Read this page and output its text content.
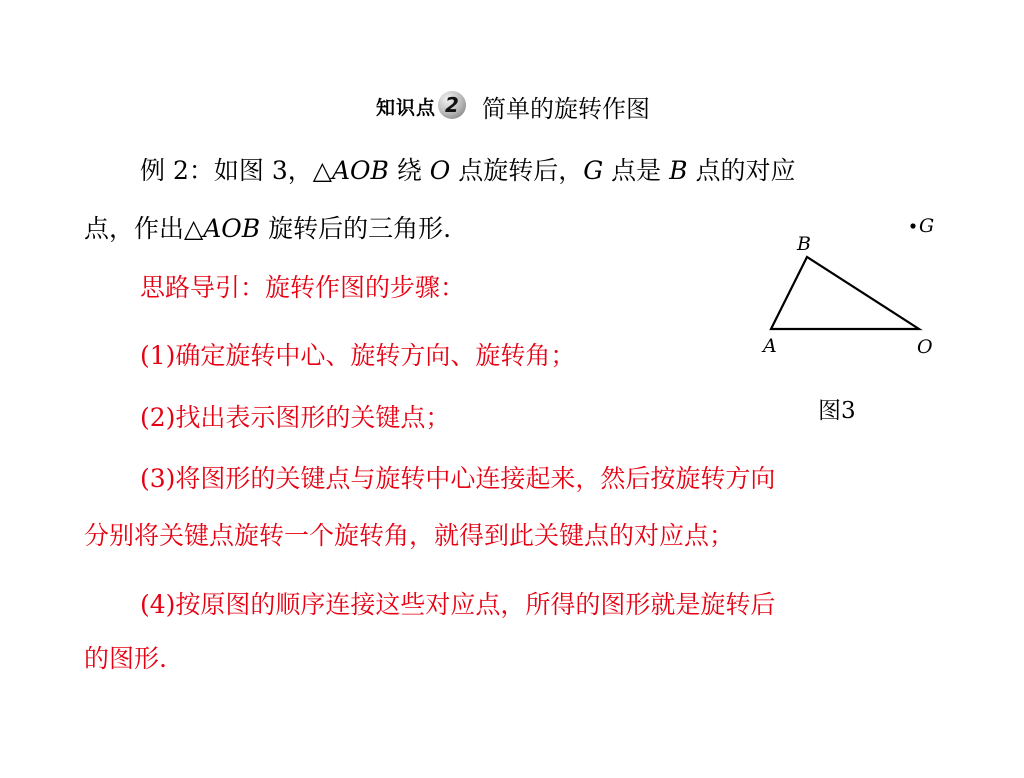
知识点 2 简单的旋转作图
例 2：如图 3，△AOB 绕 O 点旋转后，G 点是 B 点的对应
点，作出△AOB 旋转后的三角形.
思路导引：旋转作图的步骤：
(1)确定旋转中心、旋转方向、旋转角；
(2)找出表示图形的关键点；
(3)将图形的关键点与旋转中心连接起来，然后按旋转方向
分别将关键点旋转一个旋转角，就得到此关键点的对应点；
(4)按原图的顺序连接这些对应点，所得的图形就是旋转后
的图形.
B
A	O
G
图3
